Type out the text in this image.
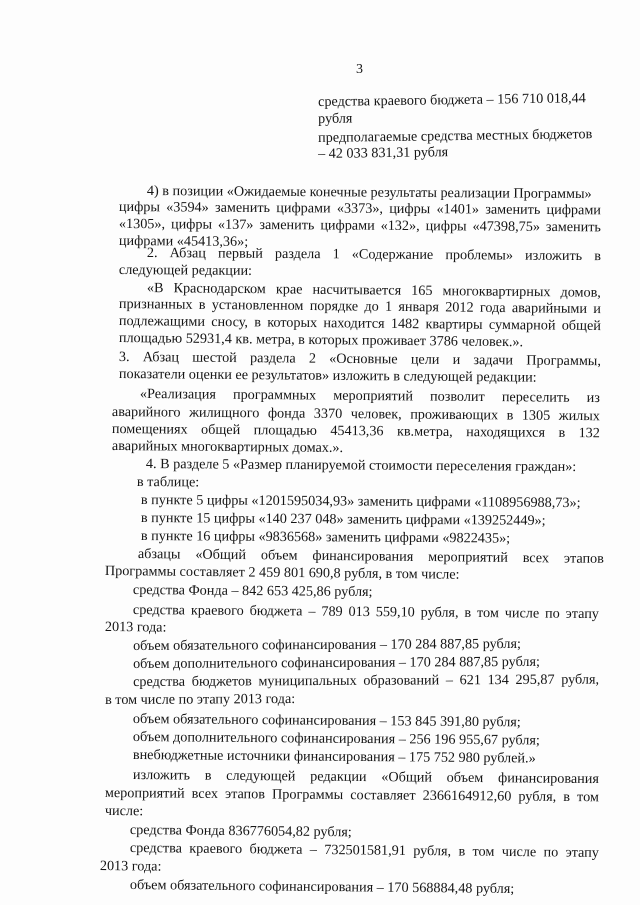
3
средства краевого бюджета – 156 710 018,44
рубля
предполагаемые средства местных бюджетов
– 42 033 831,31 рубля
4) в позиции «Ожидаемые конечные результаты реализации Программы»
цифры «3594» заменить цифрами «3373», цифры «1401» заменить цифрами
«1305», цифры «137» заменить цифрами «132», цифры «47398,75» заменить
цифрами «45413,36»;
2. Абзац первый раздела 1 «Содержание проблемы» изложить в
следующей редакции:
«В Краснодарском крае насчитывается 165 многоквартирных домов,
признанных в установленном порядке до 1 января 2012 года аварийными и
подлежащими сносу, в которых находится 1482 квартиры суммарной общей
площадью 52931,4 кв. метра, в которых проживает 3786 человек.».
3. Абзац шестой раздела 2 «Основные цели и задачи Программы,
показатели оценки ее результатов» изложить в следующей редакции:
«Реализация программных мероприятий позволит переселить из
аварийного жилищного фонда 3370 человек, проживающих в 1305 жилых
помещениях общей площадью 45413,36 кв.метра, находящихся в 132
аварийных многоквартирных домах.».
4. В разделе 5 «Размер планируемой стоимости переселения граждан»:
в таблице:
в пункте 5 цифры «1201595034,93» заменить цифрами «1108956988,73»;
в пункте 15 цифры «140 237 048» заменить цифрами «139252449»;
в пункте 16 цифры «9836568» заменить цифрами «9822435»;
абзацы «Общий объем финансирования мероприятий всех этапов
Программы составляет 2 459 801 690,8 рубля, в том числе:
средства Фонда – 842 653 425,86 рубля;
средства краевого бюджета – 789 013 559,10 рубля, в том числе по этапу
2013 года:
объем обязательного софинансирования – 170 284 887,85 рубля;
объем дополнительного софинансирования – 170 284 887,85 рубля;
средства бюджетов муниципальных образований – 621 134 295,87 рубля,
в том числе по этапу 2013 года:
объем обязательного софинансирования – 153 845 391,80 рубля;
объем дополнительного софинансирования – 256 196 955,67 рубля;
внебюджетные источники финансирования – 175 752 980 рублей.»
изложить в следующей редакции «Общий объем финансирования
мероприятий всех этапов Программы составляет 2366164912,60 рубля, в том
числе:
средства Фонда 836776054,82 рубля;
средства краевого бюджета – 732501581,91 рубля, в том числе по этапу
2013 года:
объем обязательного софинансирования – 170 568884,48 рубля;
